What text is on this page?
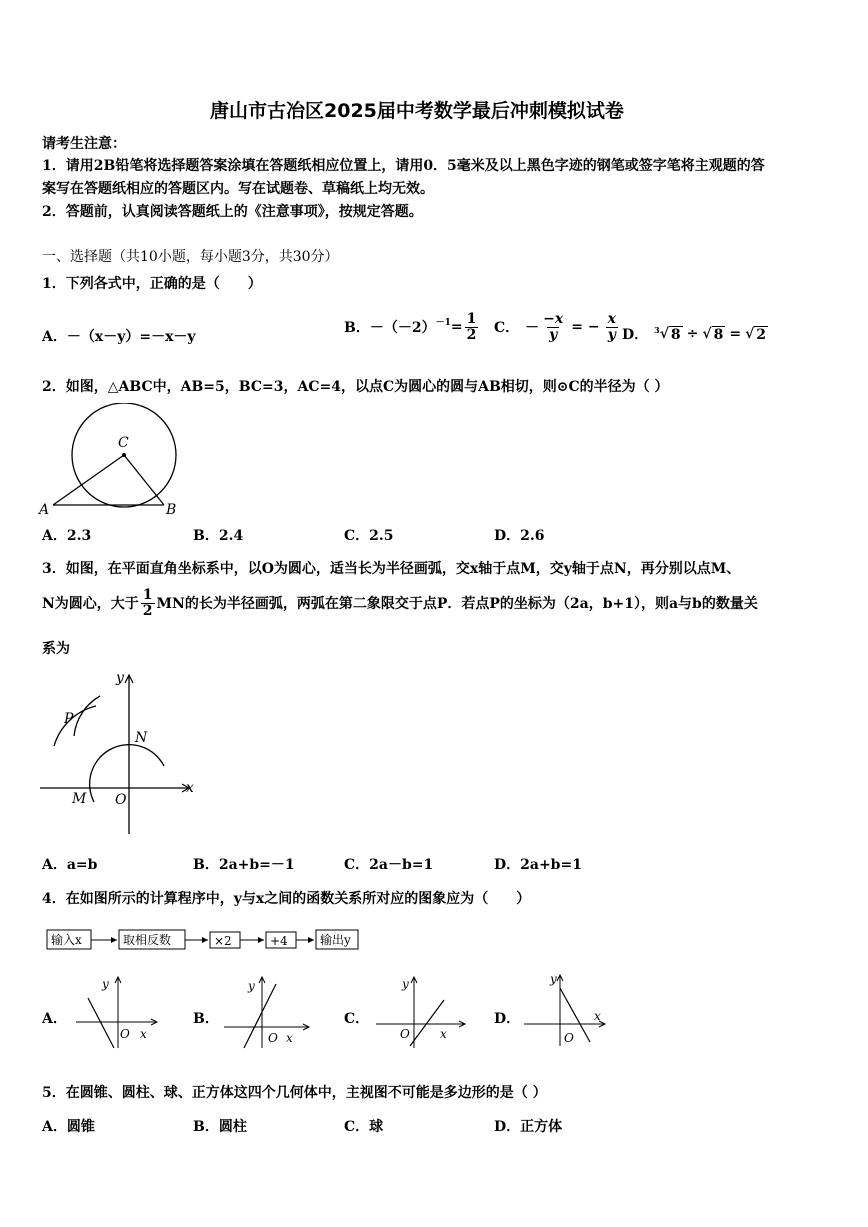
唐山市古冶区2025届中考数学最后冲刺模拟试卷
请考生注意：
1．请用2B铅笔将选择题答案涂填在答题纸相应位置上，请用0．5毫米及以上黑色字迹的钢笔或签字笔将主观题的答
案写在答题纸相应的答题区内。写在试题卷、草稿纸上均无效。
2．答题前，认真阅读答题纸上的《注意事项》，按规定答题。
一、选择题（共10小题，每小题3分，共30分）
1．下列各式中，正确的是（　　）
A．－（x－y）=－x－y
B．$-(-2)^{-1} = \frac{1}{2}$ C． － $\frac{-x}{y}$ = − $\frac{x}{y}$ D． $^3$ √ 8 ÷ √ 8 = √ 2
2．如图，△ABC中，AB=5，BC=3，AC=4，以点C为圆心的圆与AB相切，则⊙C的半径为（ ）
C
A	B
A．2.3	B．2.4	C．2.5	D．2.6
3．如图，在平面直角坐标系中，以O为圆心，适当长为半径画弧，交x轴于点M，交y轴于点N，再分别以点M、
N为圆心，大于 $\frac{1}{2}$ MN的长为半径画弧，两弧在第二象限交于点P．若点P的坐标为（2a，b+1），则a与b的数量关
系为
y
x
P
N
M O
A．a=b	B．2a+b=－1	C．2a－b=1	D．2a+b=1
4．在如图所示的计算程序中，y与x之间的函数关系所对应的图象应为（　　）
输入x	取相反数	×2	+4	输出y
A．	B．	C．	D．
y
O x
y
O x
y
O	x
y
O
x
5．在圆锥、圆柱、球、正方体这四个几何体中，主视图不可能是多边形的是（ ）
A．圆锥	B．圆柱	C．球	D．正方体
